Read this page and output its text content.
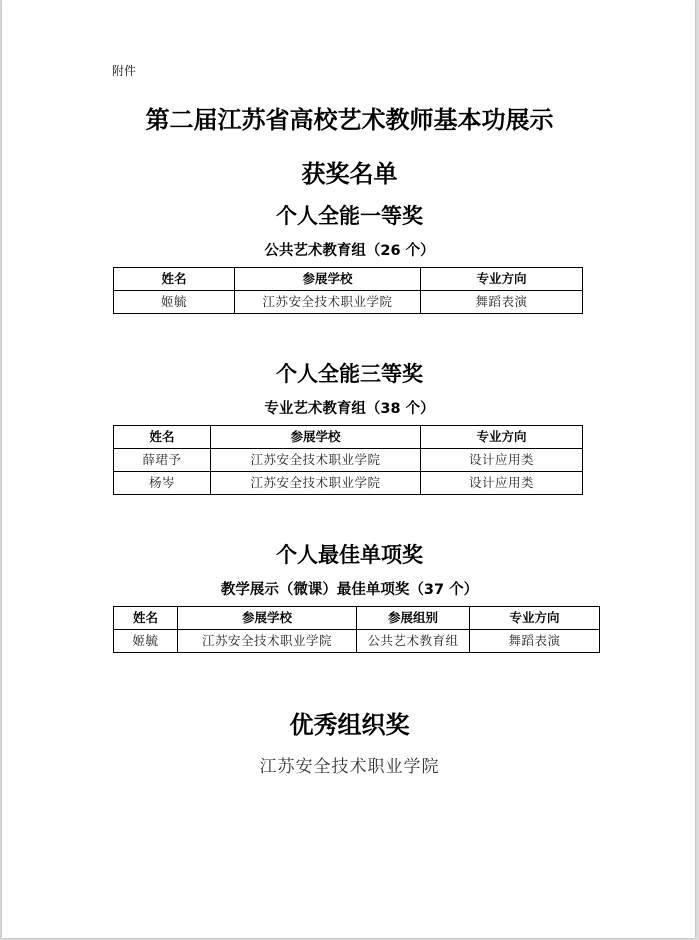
附件
第二届江苏省高校艺术教师基本功展示
获奖名单
个人全能一等奖
公共艺术教育组（26 个）
姓名	参展学校	专业方向
姬毓	江苏安全技术职业学院	舞蹈表演
个人全能三等奖
专业艺术教育组（38 个）
姓名	参展学校	专业方向
薛珺予	江苏安全技术职业学院	设计应用类
杨岑	江苏安全技术职业学院	设计应用类
个人最佳单项奖
教学展示（微课）最佳单项奖（37 个）
姓名	参展学校	参展组别	专业方向
姬毓	江苏安全技术职业学院	公共艺术教育组	舞蹈表演
优秀组织奖
江苏安全技术职业学院
